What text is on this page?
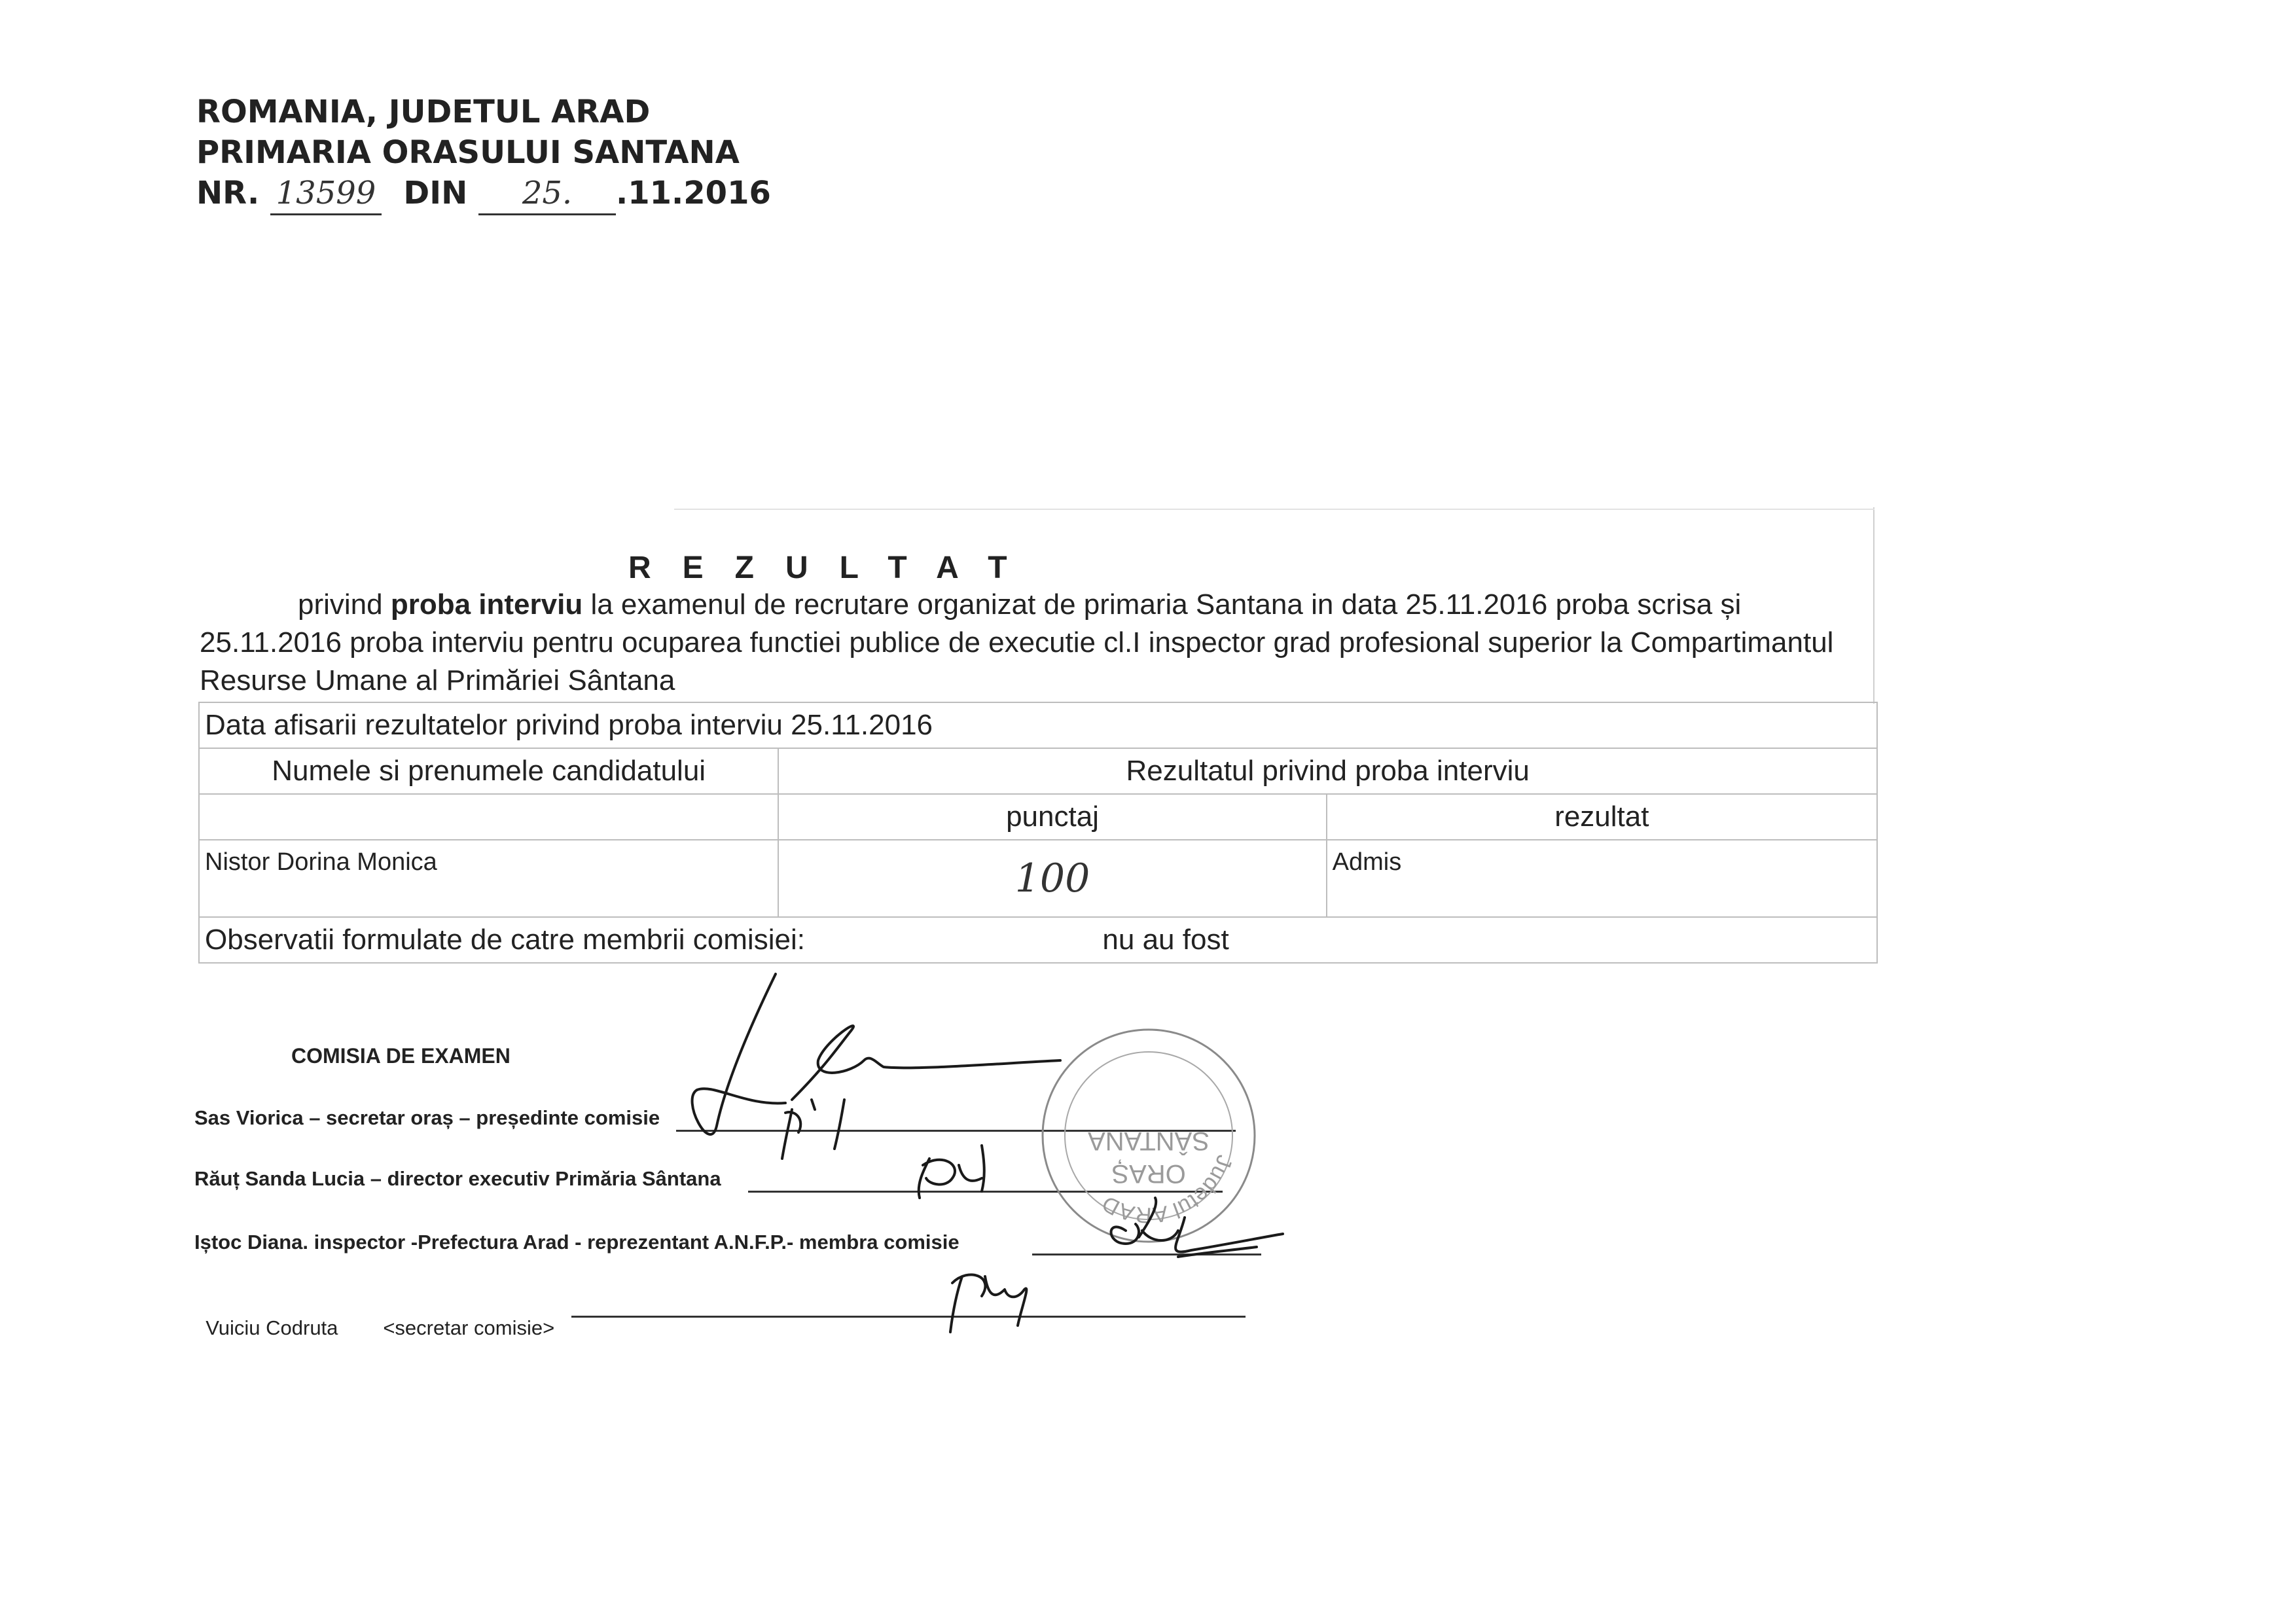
ROMANIA, JUDETUL ARAD
PRIMARIA ORASULUI SANTANA
NR. 13599 DIN 25. .11.2016
REZULTAT
privind proba interviu la examenul de recrutare organizat de primaria Santana in data 25.11.2016 proba scrisa și 25.11.2016 proba interviu pentru ocuparea functiei publice de executie cl.I inspector grad profesional superior la Compartimantul Resurse Umane al Primăriei Sântana
Data afisarii rezultatelor privind proba interviu 25.11.2016		
Numele si prenumele candidatului	Rezultatul privind proba interviu	
	punctaj	rezultat
Nistor Dorina Monica	100	Admis
Observatii formulate de catre membrii comisiei: nu au fost		
COMISIA DE EXAMEN
Sas Viorica – secretar oraș – președinte comisie
Răuț Sanda Lucia – director executiv Primăria Sântana
Iștoc Diana. inspector -Prefectura Arad - reprezentant A.N.F.P.- membra comisie

Vuiciu Codruta        <secretar comisie>

Judetul ARAD
SÂNTANA
ORAȘ
